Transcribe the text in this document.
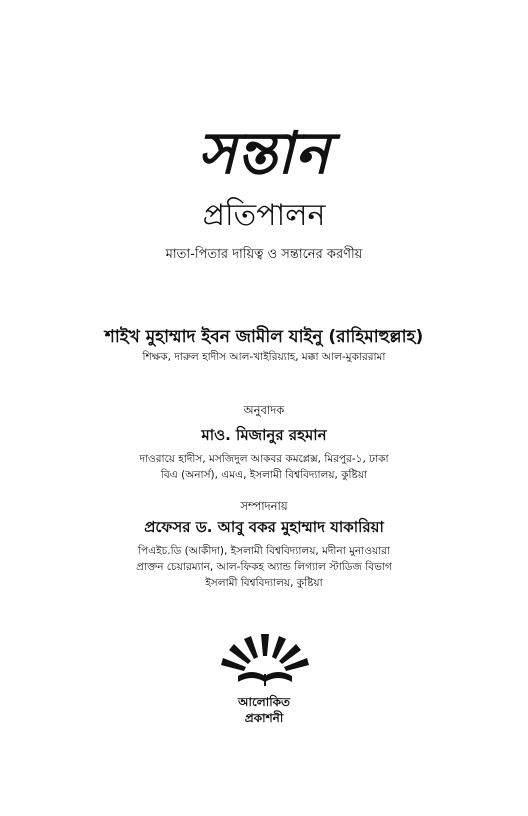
সন্তান
প্রতিপালন
মাতা-পিতার দায়িত্ব ও সন্তানের করণীয়
শাইখ মুহাম্মাদ ইবন জামীল যাইনু (রাহিমাহুল্লাহ)
শিক্ষক, দারুল হাদীস আল-খাইরিয়্যাহ, মক্কা আল-মুকাররামা
অনুবাদক
মাও. মিজানুর রহমান
দাওরায়ে হাদীস, মসজিদুল আকবর কমপ্লেক্স, মিরপুর-১, ঢাকা
বিএ (অনার্স), এমএ, ইসলামী বিশ্ববিদ্যালয়, কুষ্টিয়া
সম্পাদনায়
প্রফেসর ড. আবু বকর মুহাম্মাদ যাকারিয়া
পিএইচ.ডি (আকীদা), ইসলামী বিশ্ববিদ্যালয়, মদীনা মুনাওয়ারা
প্রাক্তন চেয়ারম্যান, আল-ফিকহ অ্যান্ড লিগ্যাল স্টাডিজ বিভাগ
ইসলামী বিশ্ববিদ্যালয়, কুষ্টিয়া
আলোকিত
প্রকাশনী
